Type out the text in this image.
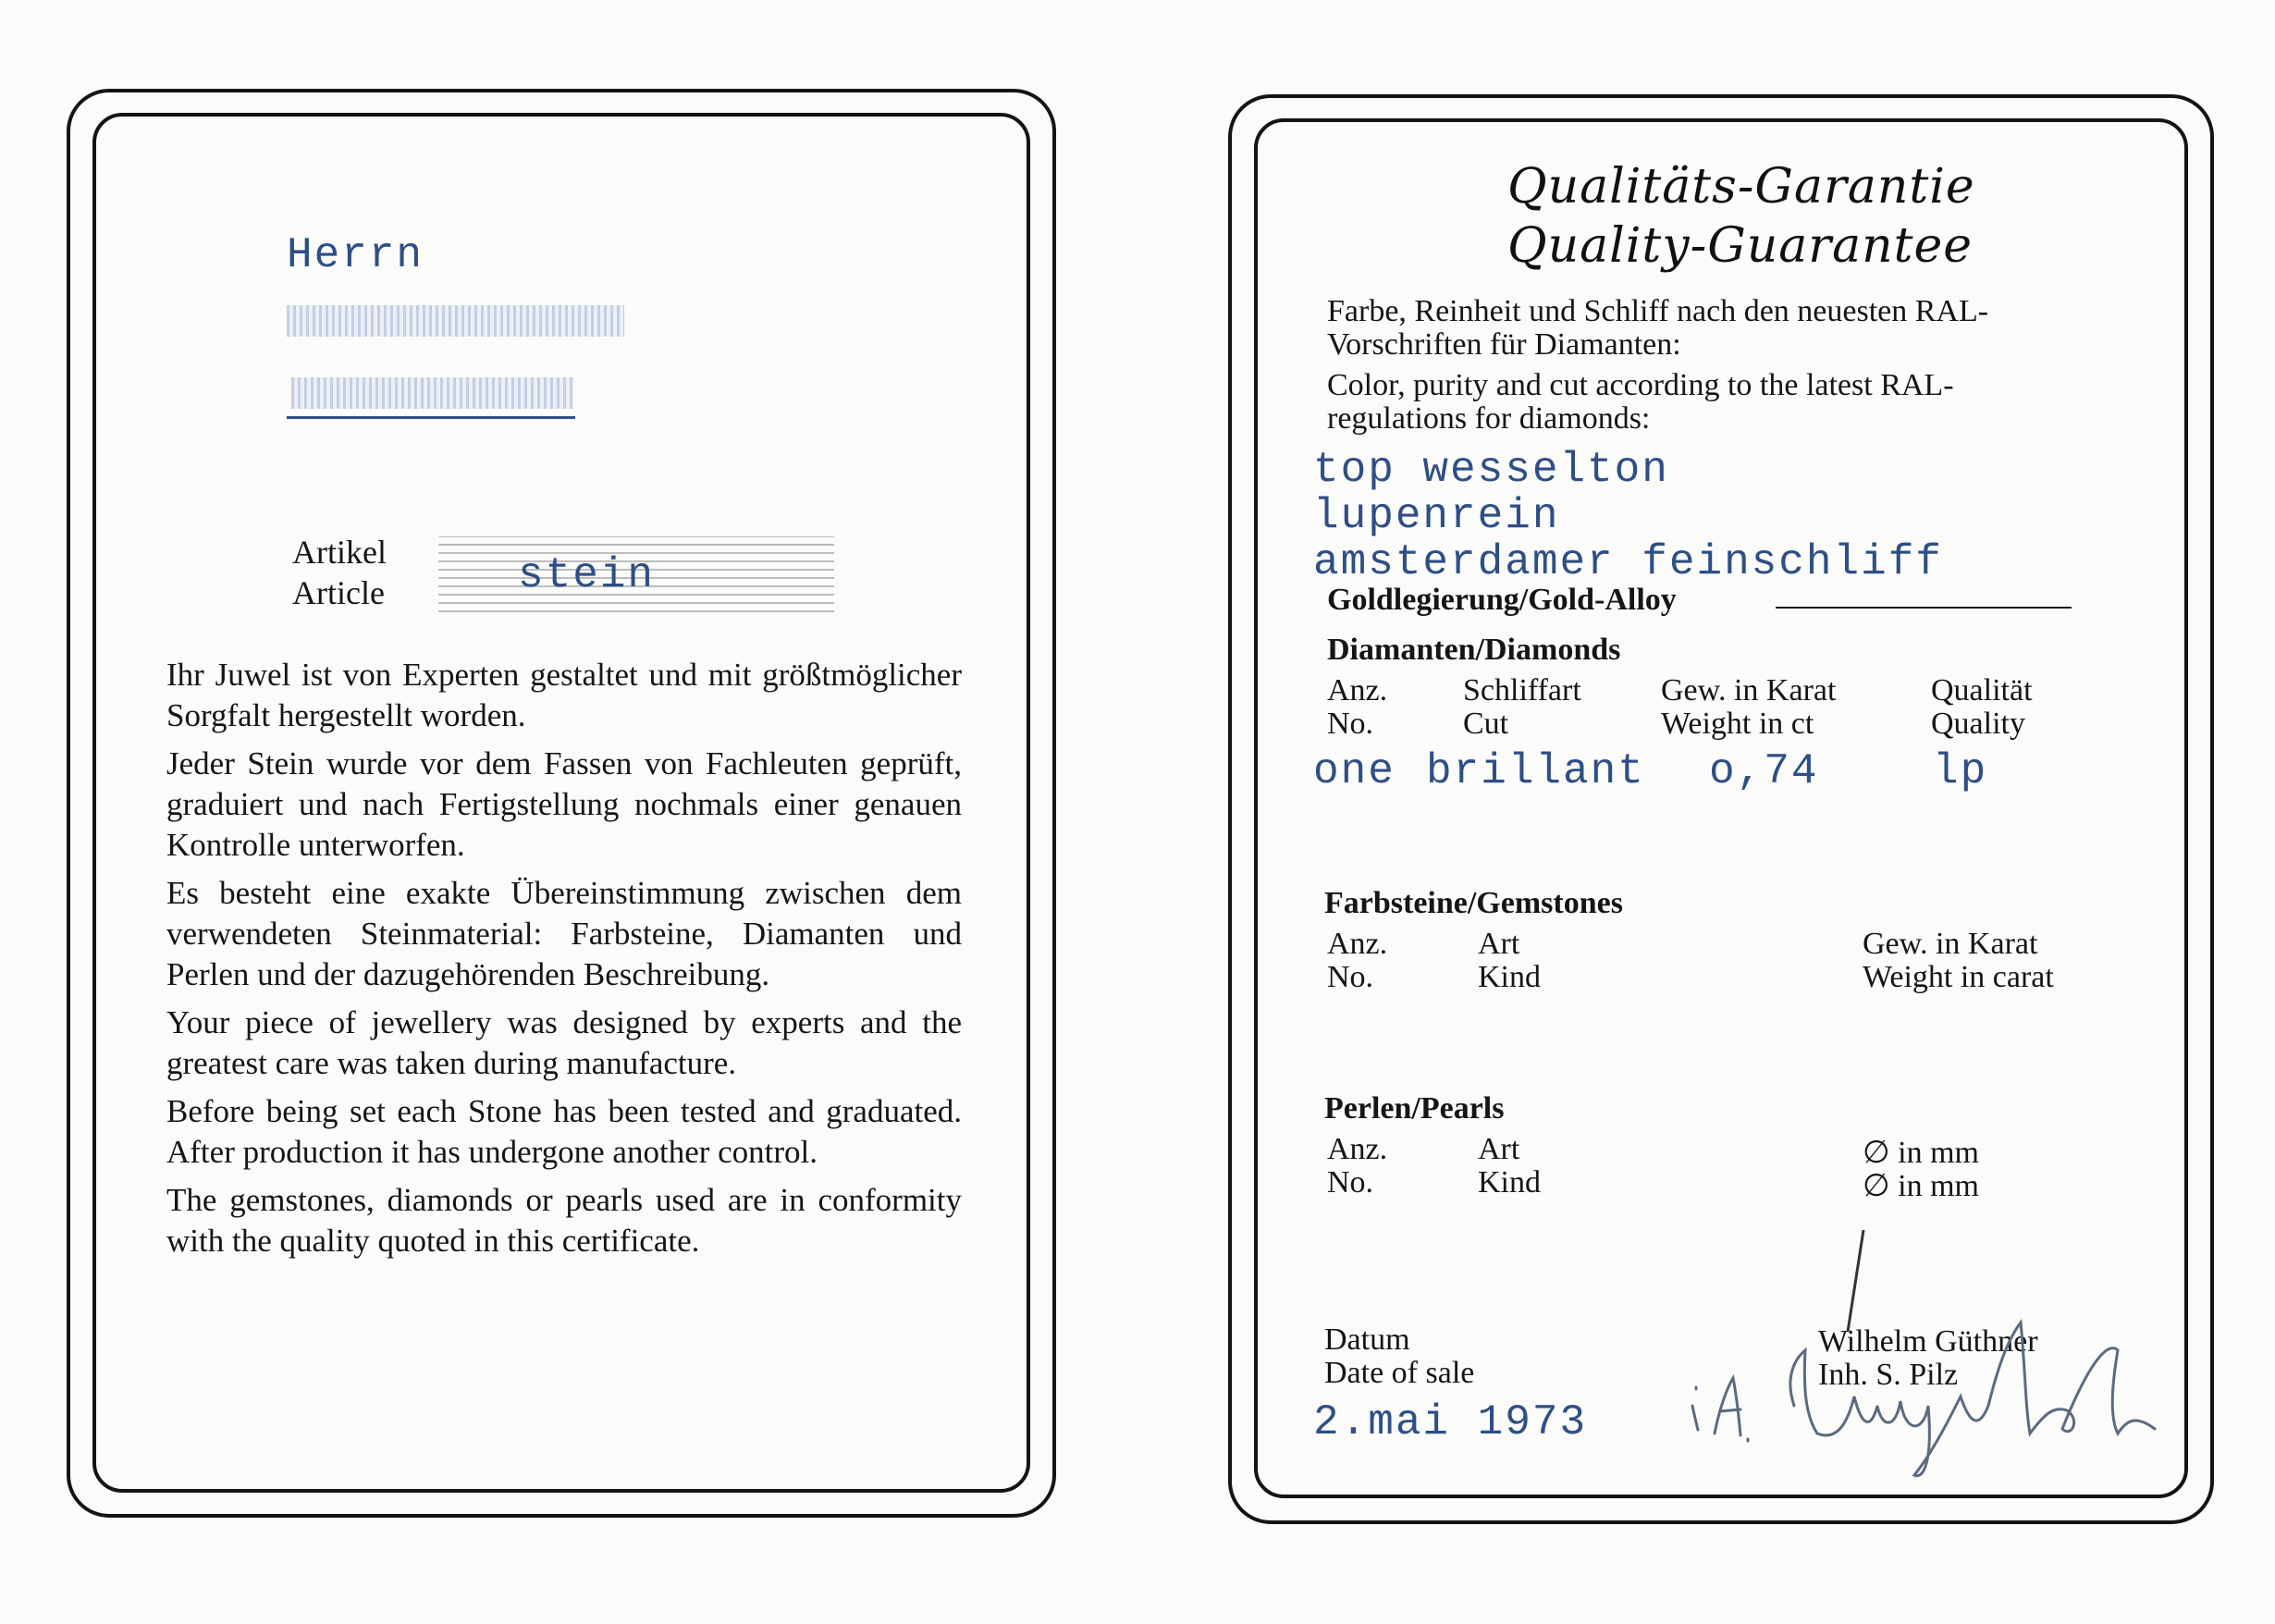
Herrn
Artikel
Article	stein

Ihr Juwel ist von Experten gestaltet und mit größtmöglicher Sorgfalt hergestellt worden.

Jeder Stein wurde vor dem Fassen von Fachleuten geprüft, graduiert und nach Fertigstellung nochmals einer genauen Kontrolle unterworfen.

Es besteht eine exakte Übereinstimmung zwischen dem verwendeten Steinmaterial: Farbsteine, Diamanten und Perlen und der dazugehörenden Beschreibung.

Your piece of jewellery was designed by experts and the greatest care was taken during manufacture.

Before being set each Stone has been tested and graduated. After production it has undergone another control.

The gemstones, diamonds or pearls used are in conformity with the quality quoted in this certificate.

Qualitäts-Garantie
Quality-Guarantee
Farbe, Reinheit und Schliff nach den neuesten RAL-
Vorschriften für Diamanten:
Color, purity and cut according to the latest RAL-
regulations for diamonds:
top wesselton
lupenrein
amsterdamer feinschliff
Goldlegierung/Gold-Alloy
Diamanten/Diamonds
Anz.
No.
Schliffart
Cut
Gew. in Karat
Weight in ct
Qualität
Quality
one brillant o,74	lp
Farbsteine/Gemstones
Anz.
No.
Art
Kind
Gew. in Karat
Weight in carat
Perlen/Pearls
Anz.
No.
Art
Kind
∅ in mm
∅ in mm
Datum
Date of sale
2.mai 1973
Wilhelm Güthner
Inh. S. Pilz
